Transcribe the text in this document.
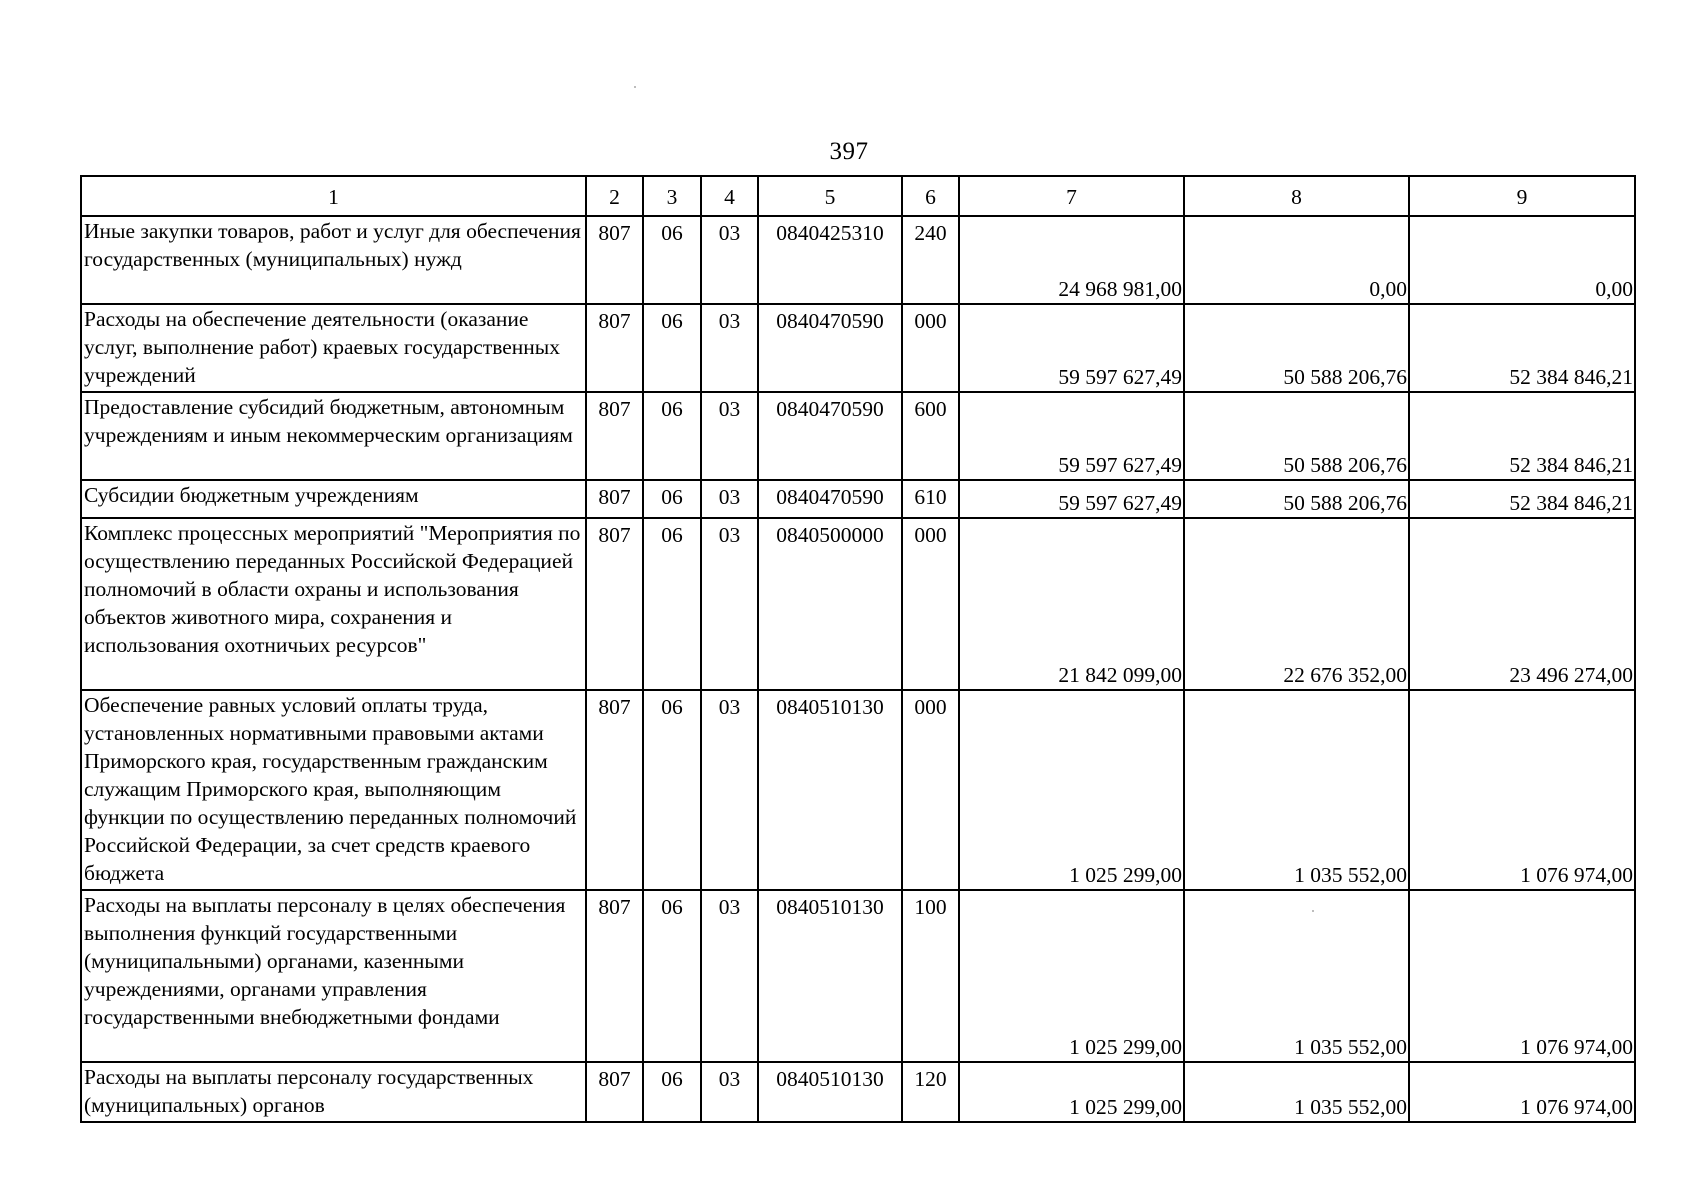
397
1	2	3	4	5	6	7	8	9
Иные закупки товаров, работ и услуг для обеспечения государственных (муниципальных) нужд	807	06	03	0840425310	240	24 968 981,00	0,00	0,00
Расходы на обеспечение деятельности (оказание услуг, выполнение работ) краевых государственных учреждений	807	06	03	0840470590	000	59 597 627,49	50 588 206,76	52 384 846,21
Предоставление субсидий бюджетным, автономным учреждениям и иным некоммерческим организациям	807	06	03	0840470590	600	59 597 627,49	50 588 206,76	52 384 846,21
Субсидии бюджетным учреждениям	807	06	03	0840470590	610	59 597 627,49	50 588 206,76	52 384 846,21
Комплекс процессных мероприятий "Мероприятия по осуществлению переданных Российской Федерацией полномочий в области охраны и использования объектов животного мира, сохранения и использования охотничьих ресурсов"	807	06	03	0840500000	000	21 842 099,00	22 676 352,00	23 496 274,00
Обеспечение равных условий оплаты труда, установленных нормативными правовыми актами Приморского края, государственным гражданским служащим Приморского края, выполняющим функции по осуществлению переданных полномочий Российской Федерации, за счет средств краевого бюджета	807	06	03	0840510130	000	1 025 299,00	1 035 552,00	1 076 974,00
Расходы на выплаты персоналу в целях обеспечения выполнения функций государственными (муниципальными) органами, казенными учреждениями, органами управления государственными внебюджетными фондами	807	06	03	0840510130	100	1 025 299,00	1 035 552,00	1 076 974,00
Расходы на выплаты персоналу государственных (муниципальных) органов	807	06	03	0840510130	120	1 025 299,00	1 035 552,00	1 076 974,00
